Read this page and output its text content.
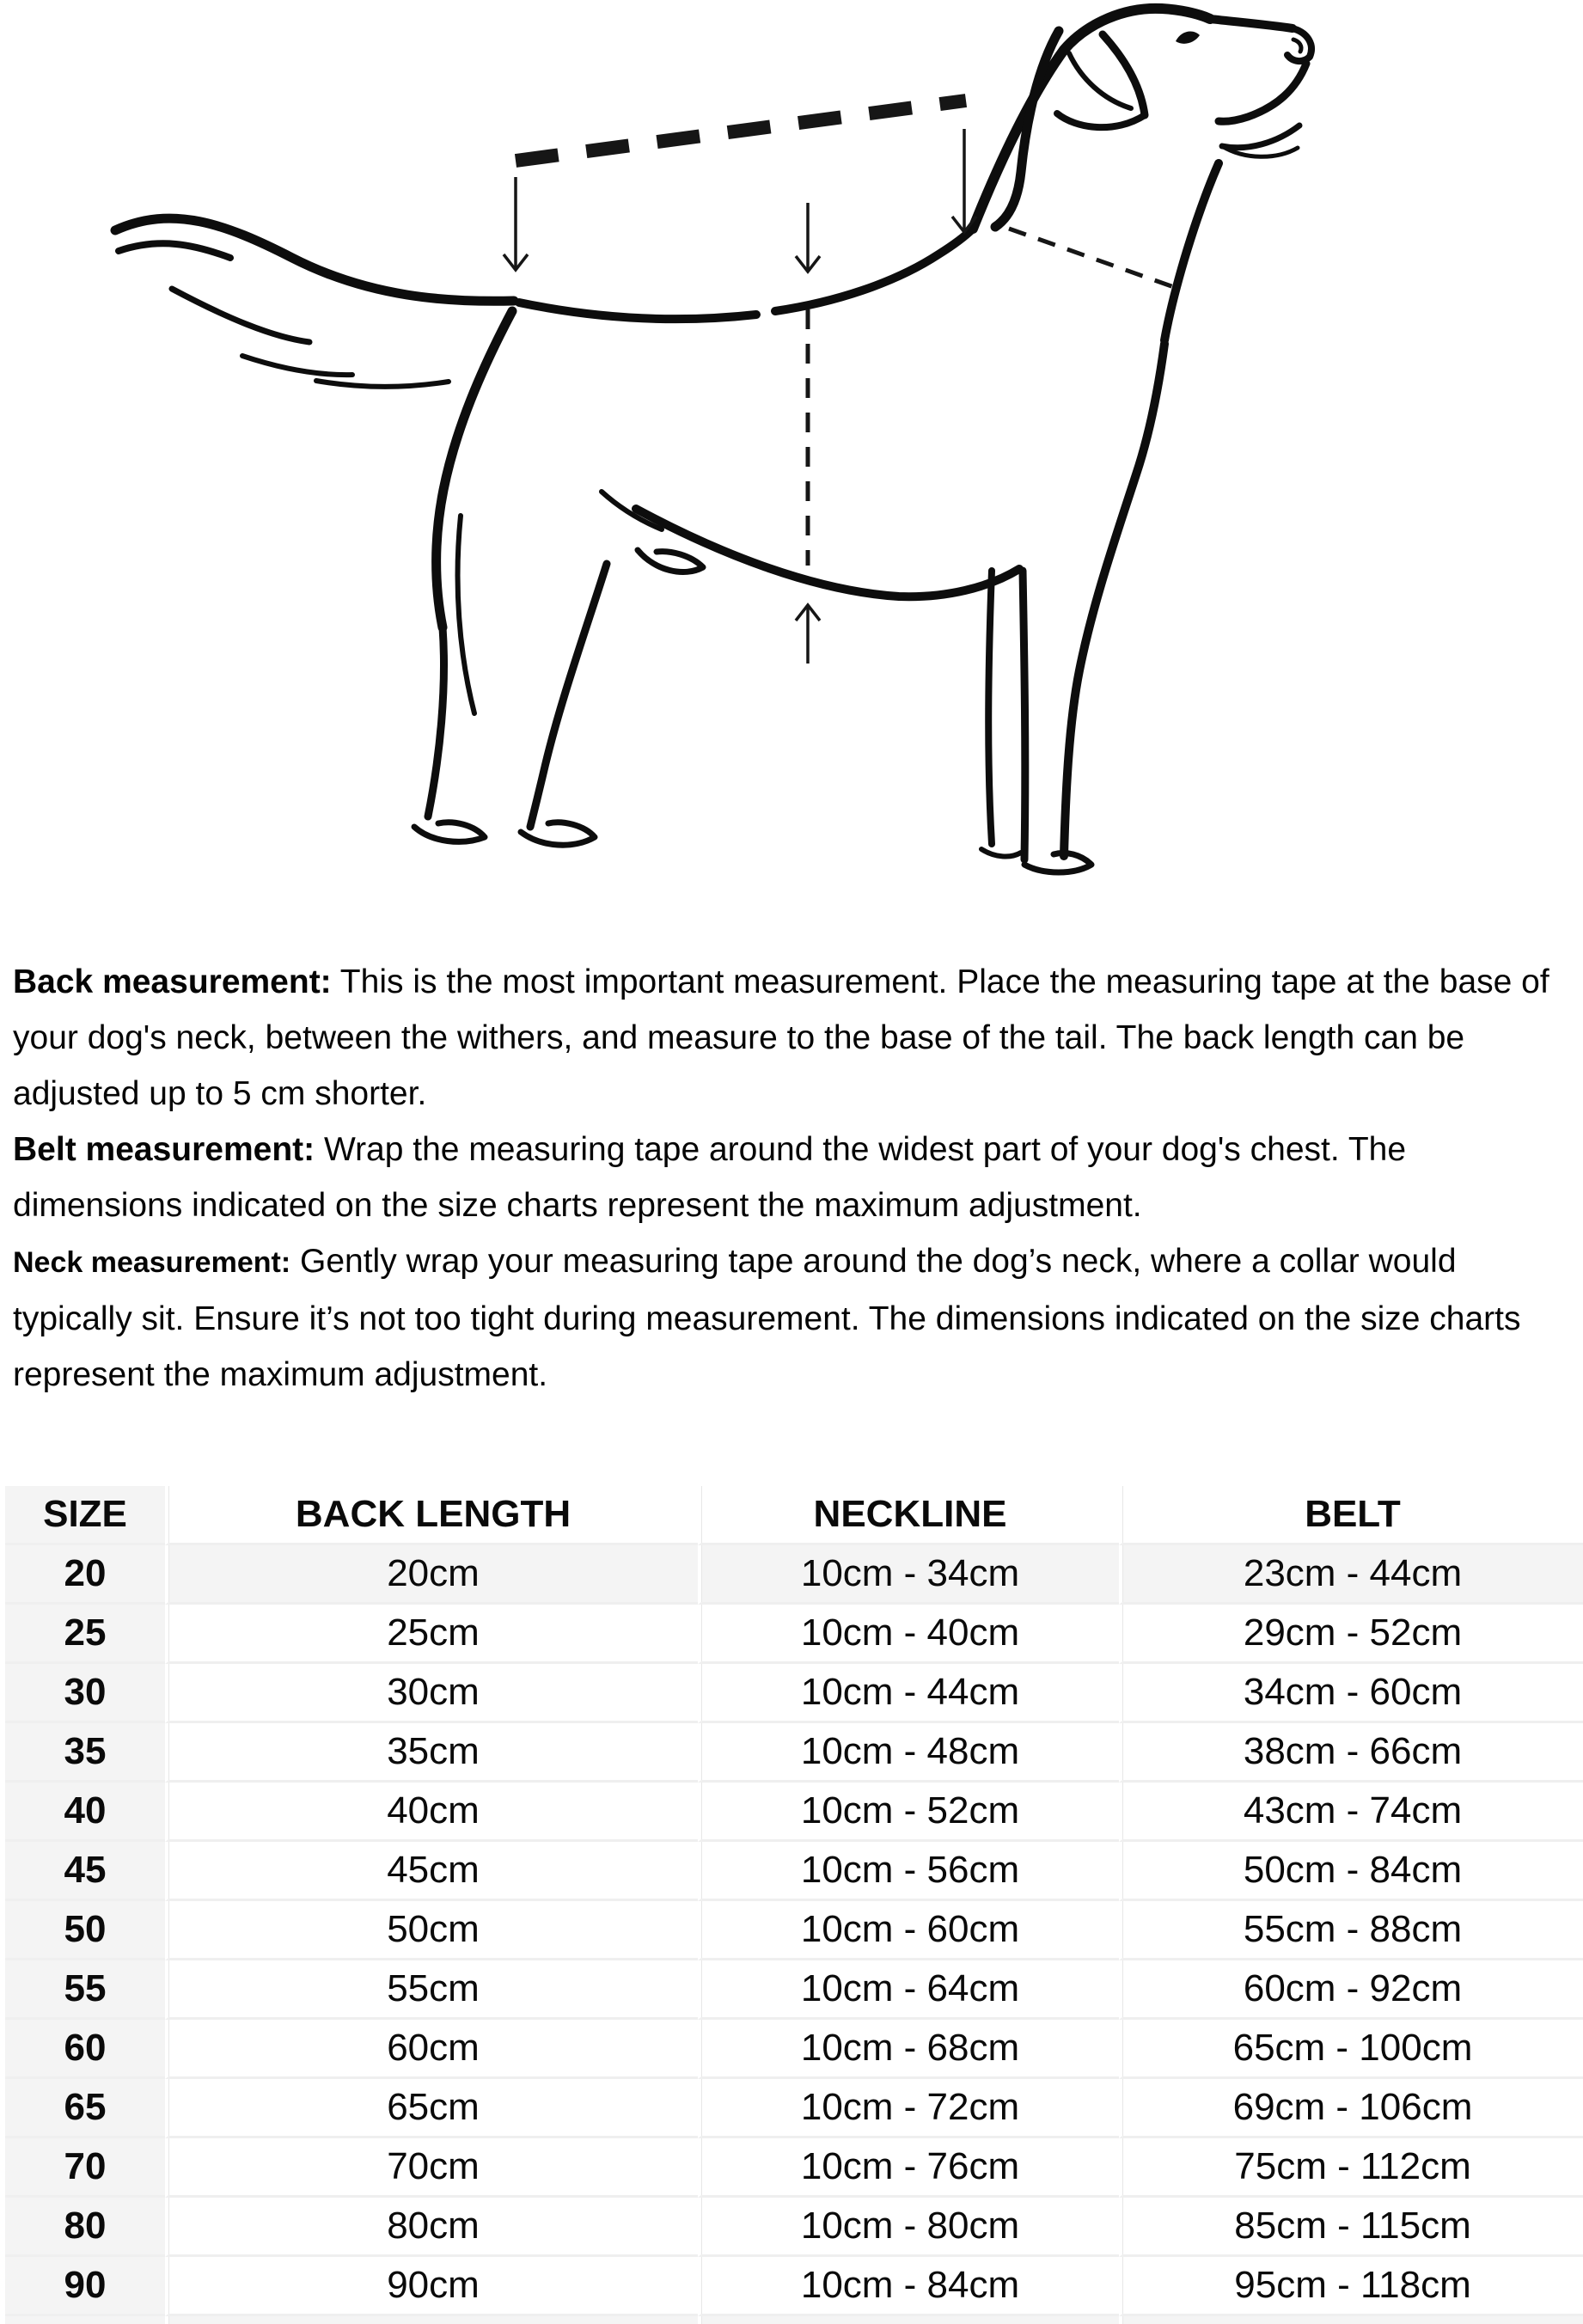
Back measurement: This is the most important measurement. Place the measuring tape at the base of your dog's neck, between the withers, and measure to the base of the tail. The back length can be adjusted up to 5 cm shorter.

Belt measurement: Wrap the measuring tape around the widest part of your dog's chest. The dimensions indicated on the size charts represent the maximum adjustment.

Neck measurement: Gently wrap your measuring tape around the dog’s neck, where a collar would typically sit. Ensure it’s not too tight during measurement. The dimensions indicated on the size charts represent the maximum adjustment.

SIZE	BACK LENGTH	NECKLINE	BELT
20	20cm	10cm - 34cm	23cm - 44cm
25	25cm	10cm - 40cm	29cm - 52cm
30	30cm	10cm - 44cm	34cm - 60cm
35	35cm	10cm - 48cm	38cm - 66cm
40	40cm	10cm - 52cm	43cm - 74cm
45	45cm	10cm - 56cm	50cm - 84cm
50	50cm	10cm - 60cm	55cm - 88cm
55	55cm	10cm - 64cm	60cm - 92cm
60	60cm	10cm - 68cm	65cm - 100cm
65	65cm	10cm - 72cm	69cm - 106cm
70	70cm	10cm - 76cm	75cm - 112cm
80	80cm	10cm - 80cm	85cm - 115cm
90	90cm	10cm - 84cm	95cm - 118cm
